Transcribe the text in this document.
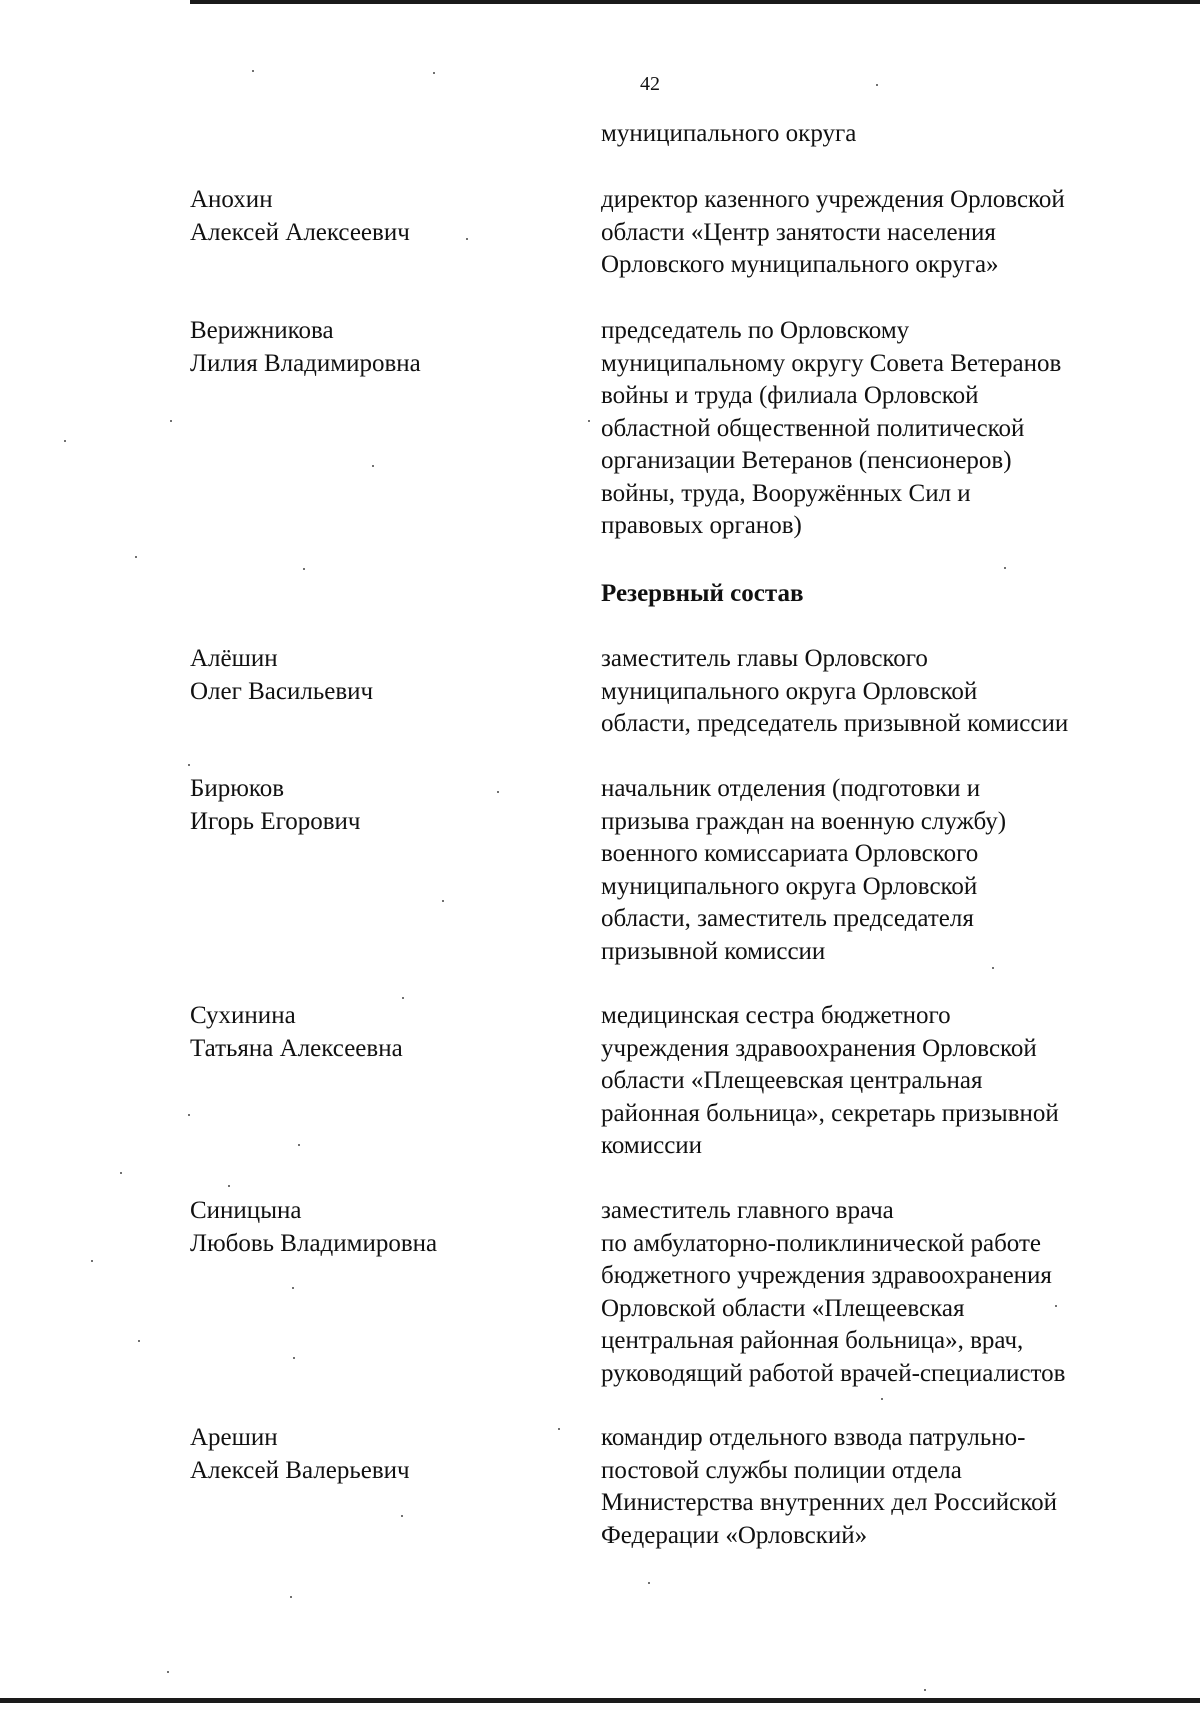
42
муниципального округа
Анохин
Алексей Алексеевич
директор казенного учреждения Орловской
области «Центр занятости населения
Орловского муниципального округа»
Верижникова
Лилия Владимировна
председатель по Орловскому
муниципальному округу Совета Ветеранов
войны и труда (филиала Орловской
областной общественной политической
организации Ветеранов (пенсионеров)
войны, труда, Вооружённых Сил и
правовых органов)
Резервный состав
Алёшин
Олег Васильевич
заместитель главы Орловского
муниципального округа Орловской
области, председатель призывной комиссии
Бирюков
Игорь Егорович
начальник отделения (подготовки и
призыва граждан на военную службу)
военного комиссариата Орловского
муниципального округа Орловской
области, заместитель председателя
призывной комиссии
Сухинина
Татьяна Алексеевна
медицинская сестра бюджетного
учреждения здравоохранения Орловской
области «Плещеевская центральная
районная больница», секретарь призывной
комиссии
Синицына
Любовь Владимировна
заместитель главного врача
по амбулаторно-поликлинической работе
бюджетного учреждения здравоохранения
Орловской области «Плещеевская
центральная районная больница», врач,
руководящий работой врачей-специалистов
Арешин
Алексей Валерьевич
командир отдельного взвода патрульно-
постовой службы полиции отдела
Министерства внутренних дел Российской
Федерации «Орловский»
